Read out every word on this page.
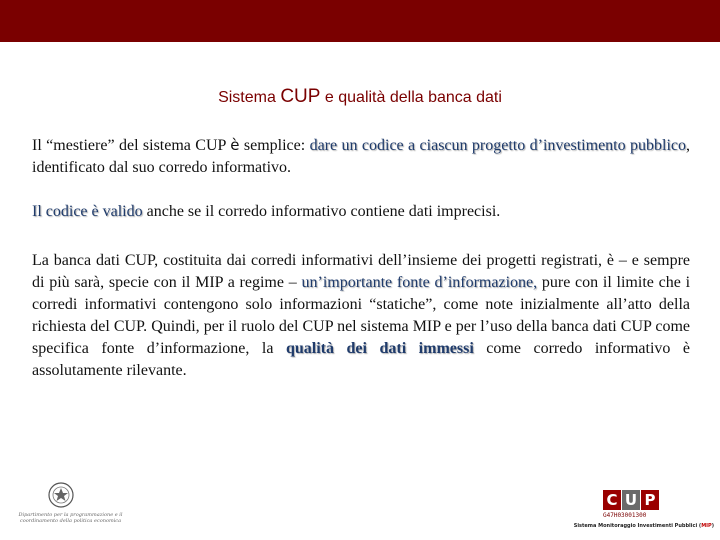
Sistema CUP e qualità della banca dati

Il “mestiere” del sistema CUP è semplice: dare un codice a ciascun progetto d’investimento pubblico, identificato dal suo corredo informativo.

Il codice è valido anche se il corredo informativo contiene dati imprecisi.

La banca dati CUP, costituita dai corredi informativi dell’insieme dei progetti registrati, è – e sempre di più sarà, specie con il MIP a regime – un’importante fonte d’informazione, pure con il limite che i corredi informativi contengono solo informazioni “statiche”, come note inizialmente all’atto della richiesta del CUP. Quindi, per il ruolo del CUP nel sistema MIP e per l’uso della banca dati CUP come specifica fonte d’informazione, la qualità dei dati immessi come corredo informativo è assolutamente rilevante.

Dipartimento per la programmazione e il coordinamento della politica economica
C U P
G47H03001300
Sistema Monitoraggio Investimenti Pubblici (MIP)
